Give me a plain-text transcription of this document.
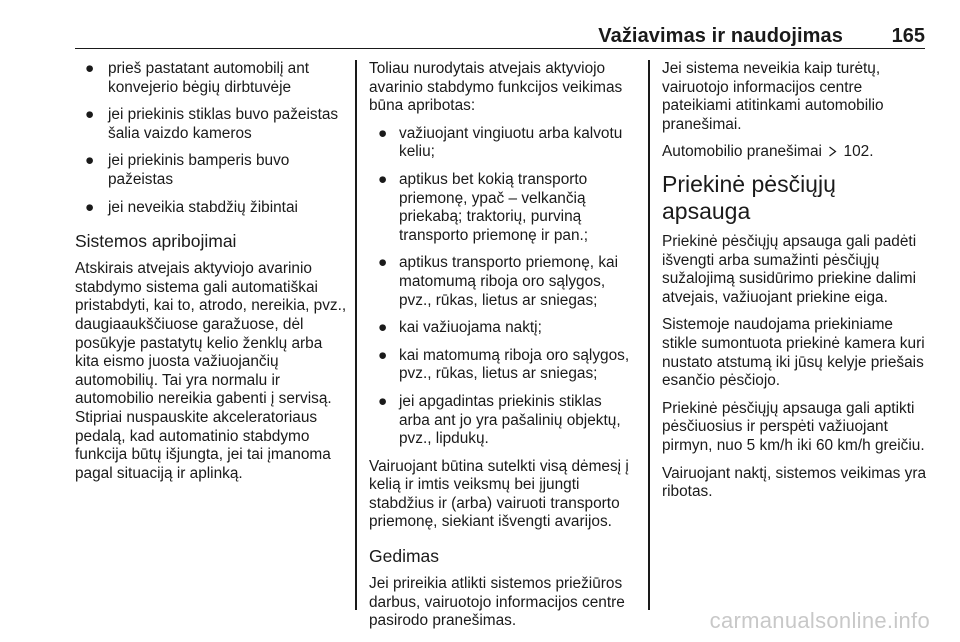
Važiavimas ir naudojimas 165
● prieš pastatant automobilį ant konvejerio bėgių dirbtuvėje
● jei priekinis stiklas buvo pažeistas šalia vaizdo kameros
● jei priekinis bamperis buvo pažeistas
● jei neveikia stabdžių žibintai
Sistemos apribojimai

Atskirais atvejais aktyviojo avarinio stabdymo sistema gali automatiškai pristabdyti, kai to, atrodo, nereikia, pvz., daugiaaukščiuose garažuose, dėl posūkyje pastatytų kelio ženklų arba kita eismo juosta važiuojančių automobilių. Tai yra normalu ir automobilio nereikia gabenti į servisą. Stipriai nuspauskite akceleratoriaus pedalą, kad automatinio stabdymo funkcija būtų išjungta, jei tai įmanoma pagal situaciją ir aplinką.

Toliau nurodytais atvejais aktyviojo avarinio stabdymo funkcijos veikimas būna apribotas:

● važiuojant vingiuotu arba kalvotu keliu;
● aptikus bet kokią transporto priemonę, ypač – velkančią priekabą; traktorių, purviną transporto priemonę ir pan.;
● aptikus transporto priemonę, kai matomumą riboja oro sąlygos, pvz., rūkas, lietus ar sniegas;
● kai važiuojama naktį;
● kai matomumą riboja oro sąlygos, pvz., rūkas, lietus ar sniegas;
● jei apgadintas priekinis stiklas arba ant jo yra pašalinių objektų, pvz., lipdukų.

Vairuojant būtina sutelkti visą dėmesį į kelią ir imtis veiksmų bei įjungti stabdžius ir (arba) vairuoti transporto priemonę, siekiant išvengti avarijos.

Gedimas

Jei prireikia atlikti sistemos priežiūros darbus, vairuotojo informacijos centre pasirodo pranešimas.

Jei sistema neveikia kaip turėtų, vairuotojo informacijos centre pateikiami atitinkami automobilio pranešimai.

Automobilio pranešimai 102.

Priekinė pėsčiųjų apsauga

Priekinė pėsčiųjų apsauga gali padėti išvengti arba sumažinti pėsčiųjų sužalojimą susidūrimo priekine dalimi atvejais, važiuojant priekine eiga.

Sistemoje naudojama priekiniame stikle sumontuota priekinė kamera kuri nustato atstumą iki jūsų kelyje priešais esančio pėsčiojo.

Priekinė pėsčiųjų apsauga gali aptikti pėsčiuosius ir perspėti važiuojant pirmyn, nuo 5 km/h iki 60 km/h greičiu.

Vairuojant naktį, sistemos veikimas yra ribotas.

carmanualsonline.info
